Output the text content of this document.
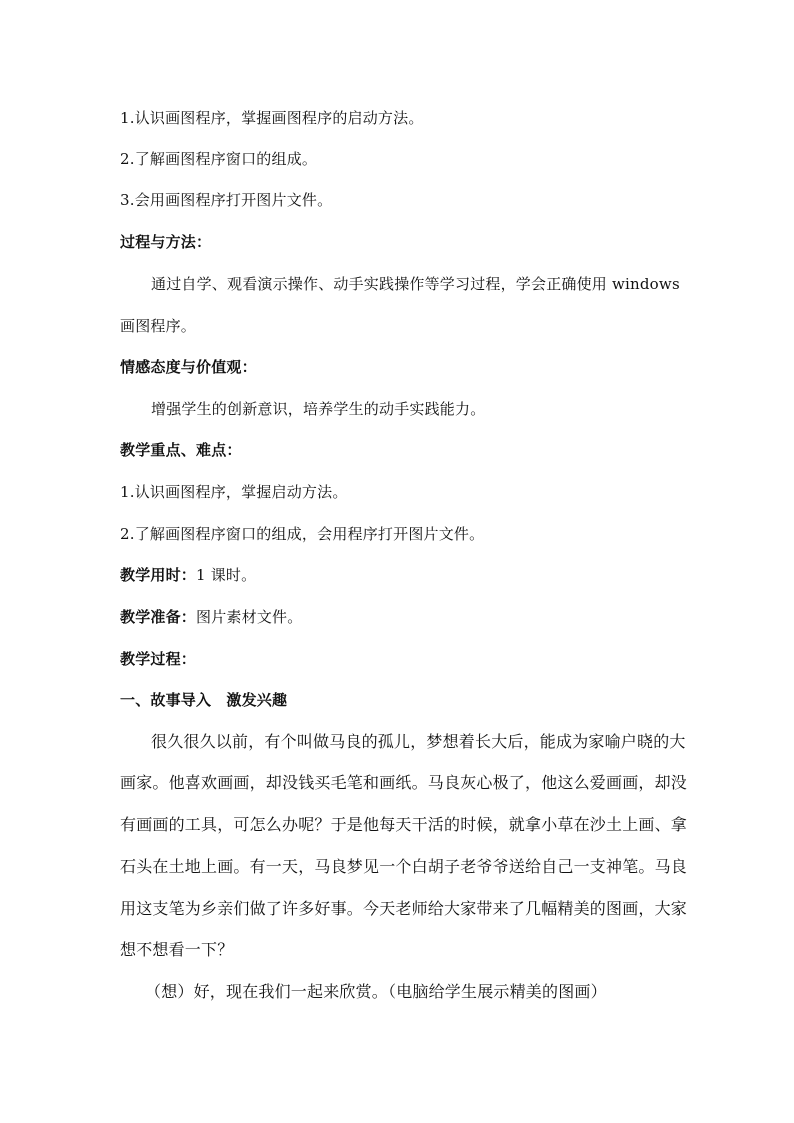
1.认识画图程序，掌握画图程序的启动方法。
2.了解画图程序窗口的组成。
3.会用画图程序打开图片文件。
过程与方法：
通过自学、观看演示操作、动手实践操作等学习过程，学会正确使用 windows
画图程序。
情感态度与价值观：
增强学生的创新意识，培养学生的动手实践能力。
教学重点、难点：
1.认识画图程序，掌握启动方法。
2.了解画图程序窗口的组成，会用程序打开图片文件。
教学用时：1 课时。
教学准备：图片素材文件。
教学过程：
一、故事导入　激发兴趣
很久很久以前，有个叫做马良的孤儿，梦想着长大后，能成为家喻户晓的大
画家。他喜欢画画，却没钱买毛笔和画纸。马良灰心极了，他这么爱画画，却没
有画画的工具，可怎么办呢？于是他每天干活的时候，就拿小草在沙土上画、拿
石头在土地上画。有一天，马良梦见一个白胡子老爷爷送给自己一支神笔。马良
用这支笔为乡亲们做了许多好事。今天老师给大家带来了几幅精美的图画，大家
想不想看一下？
（想）好，现在我们一起来欣赏。（电脑给学生展示精美的图画）
